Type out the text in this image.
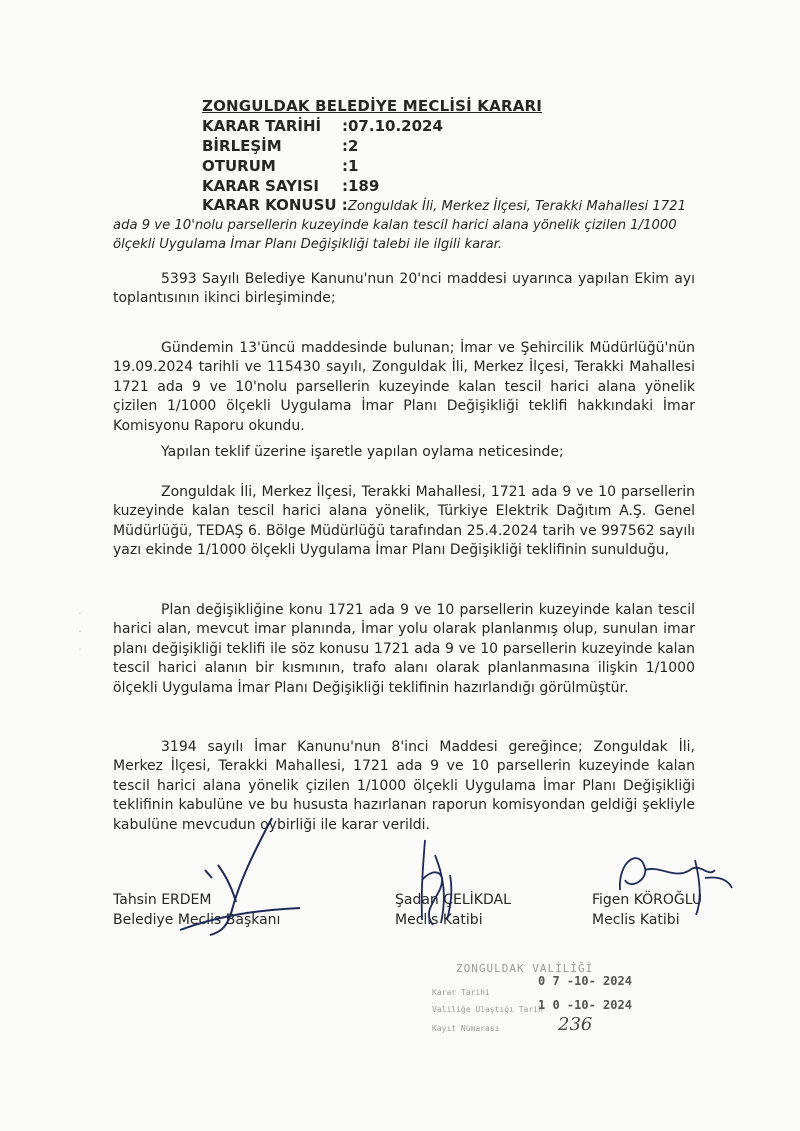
ZONGULDAK BELEDİYE MECLİSİ KARARI
KARAR TARİHİ :07.10.2024
BİRLEŞİM	:2
OTURUM	:1
KARAR SAYISI :189
KARAR KONUSU :Zonguldak İli, Merkez İlçesi, Terakki Mahallesi 1721 ada 9 ve 10'nolu parsellerin kuzeyinde kalan tescil harici alana yönelik çizilen 1/1000 ölçekli Uygulama İmar Planı Değişikliği talebi ile ilgili karar.

5393 Sayılı Belediye Kanunu'nun 20'nci maddesi uyarınca yapılan Ekim ayı toplantısının ikinci birleşiminde;

Gündemin 13'üncü maddesinde bulunan; İmar ve Şehircilik Müdürlüğü'nün 19.09.2024 tarihli ve 115430 sayılı, Zonguldak İli, Merkez İlçesi, Terakki Mahallesi 1721 ada 9 ve 10'nolu parsellerin kuzeyinde kalan tescil harici alana yönelik çizilen 1/1000 ölçekli Uygulama İmar Planı Değişikliği teklifi hakkındaki İmar Komisyonu Raporu okundu.

Yapılan teklif üzerine işaretle yapılan oylama neticesinde;

Zonguldak İli, Merkez İlçesi, Terakki Mahallesi, 1721 ada 9 ve 10 parsellerin kuzeyinde kalan tescil harici alana yönelik, Türkiye Elektrik Dağıtım A.Ş. Genel Müdürlüğü, TEDAŞ 6. Bölge Müdürlüğü tarafından 25.4.2024 tarih ve 997562 sayılı yazı ekinde 1/1000 ölçekli Uygulama İmar Planı Değişikliği teklifinin sunulduğu,

Plan değişikliğine konu 1721 ada 9 ve 10 parsellerin kuzeyinde kalan tescil harici alan, mevcut imar planında, İmar yolu olarak planlanmış olup, sunulan imar planı değişikliği teklifi ile söz konusu 1721 ada 9 ve 10 parsellerin kuzeyinde kalan tescil harici alanın bir kısmının, trafo alanı olarak planlanmasına ilişkin 1/1000 ölçekli Uygulama İmar Planı Değişikliği teklifinin hazırlandığı görülmüştür.

3194 sayılı İmar Kanunu'nun 8'inci Maddesi gereğince; Zonguldak İli, Merkez İlçesi, Terakki Mahallesi, 1721 ada 9 ve 10 parsellerin kuzeyinde kalan tescil harici alana yönelik çizilen 1/1000 ölçekli Uygulama İmar Planı Değişikliği teklifinin kabulüne ve bu hususta hazırlanan raporun komisyondan geldiği şekliyle kabulüne mevcudun oybirliği ile karar verildi.

·
·
·
Tahsin ERDEM
Belediye Meclis Başkanı
Şadan ÇELİKDAL
Meclis Katibi
Figen KÖROĞLU
Meclis Katibi
ZONGULDAK VALİLİĞİ
Karar Tarihi
0 7 -10- 2024
Valiliğe Ulaştığı Tarih
1 0 -10- 2024
Kayıt Numarası	236
